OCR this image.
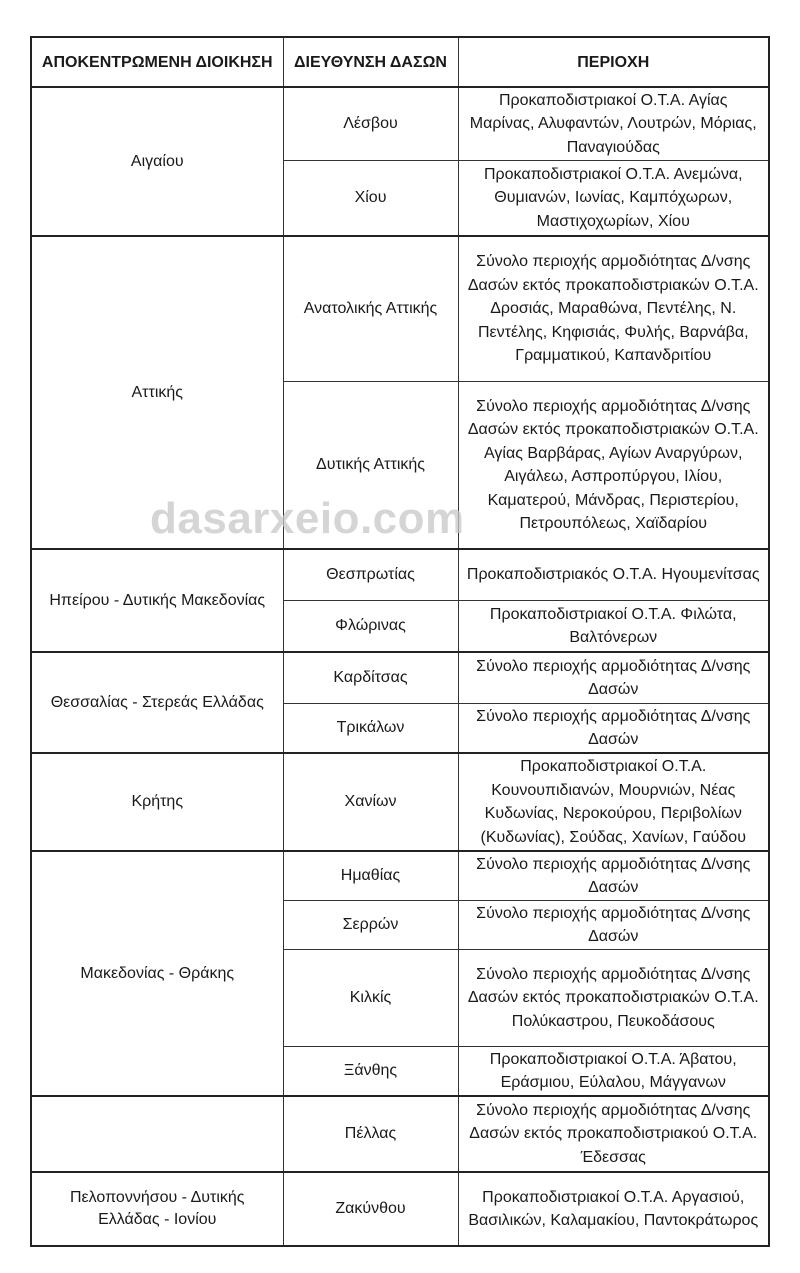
ΑΠΟΚΕΝΤΡΩΜΕΝΗ ΔΙΟΙΚΗΣΗ	ΔΙΕΥΘΥΝΣΗ ΔΑΣΩΝ	ΠΕΡΙΟΧΗ
Αιγαίου	Λέσβου	Προκαποδιστριακοί Ο.Τ.Α. Αγίας Μαρίνας, Αλυφαντών, Λουτρών, Μόριας, Παναγιούδας
	Χίου	Προκαποδιστριακοί Ο.Τ.Α. Ανεμώνα, Θυμιανών, Ιωνίας, Καμπόχωρων, Μαστιχοχωρίων, Χίου
Αττικής	Ανατολικής Αττικής	Σύνολο περιοχής αρμοδιότητας Δ/νσης Δασών εκτός προκαποδιστριακών Ο.Τ.Α. Δροσιάς, Μαραθώνα, Πεντέλης, Ν. Πεντέλης, Κηφισιάς, Φυλής, Βαρνάβα, Γραμματικού, Καπανδριτίου
	Δυτικής Αττικής	Σύνολο περιοχής αρμοδιότητας Δ/νσης Δασών εκτός προκαποδιστριακών Ο.Τ.Α. Αγίας Βαρβάρας, Αγίων Αναργύρων, Αιγάλεω, Ασπροπύργου, Ιλίου, Καματερού, Μάνδρας, Περιστερίου, Πετρουπόλεως, Χαϊδαρίου
Ηπείρου - Δυτικής Μακεδονίας	Θεσπρωτίας	Προκαποδιστριακός Ο.Τ.Α. Ηγουμενίτσας
	Φλώρινας	Προκαποδιστριακοί Ο.Τ.Α. Φιλώτα, Βαλτόνερων
Θεσσαλίας - Στερεάς Ελλάδας	Καρδίτσας	Σύνολο περιοχής αρμοδιότητας Δ/νσης Δασών
	Τρικάλων	Σύνολο περιοχής αρμοδιότητας Δ/νσης Δασών
Κρήτης	Χανίων	Προκαποδιστριακοί Ο.Τ.Α. Κουνουπιδιανών, Μουρνιών, Νέας Κυδωνίας, Νεροκούρου, Περιβολίων (Κυδωνίας), Σούδας, Χανίων, Γαύδου
Μακεδονίας - Θράκης	Ημαθίας	Σύνολο περιοχής αρμοδιότητας Δ/νσης Δασών
	Σερρών	Σύνολο περιοχής αρμοδιότητας Δ/νσης Δασών
	Κιλκίς	Σύνολο περιοχής αρμοδιότητας Δ/νσης Δασών εκτός προκαποδιστριακών Ο.Τ.Α. Πολύκαστρου, Πευκοδάσους
	Ξάνθης	Προκαποδιστριακοί Ο.Τ.Α. Άβατου, Εράσμιου, Εύλαλου, Μάγγανων
	Πέλλας	Σύνολο περιοχής αρμοδιότητας Δ/νσης Δασών εκτός προκαποδιστριακού Ο.Τ.Α. Έδεσσας
Πελοποννήσου - Δυτικής Ελλάδας - Ιονίου	Ζακύνθου	Προκαποδιστριακοί Ο.Τ.Α. Αργασιού, Βασιλικών, Καλαμακίου, Παντοκράτωρος
dasarxeio.com
